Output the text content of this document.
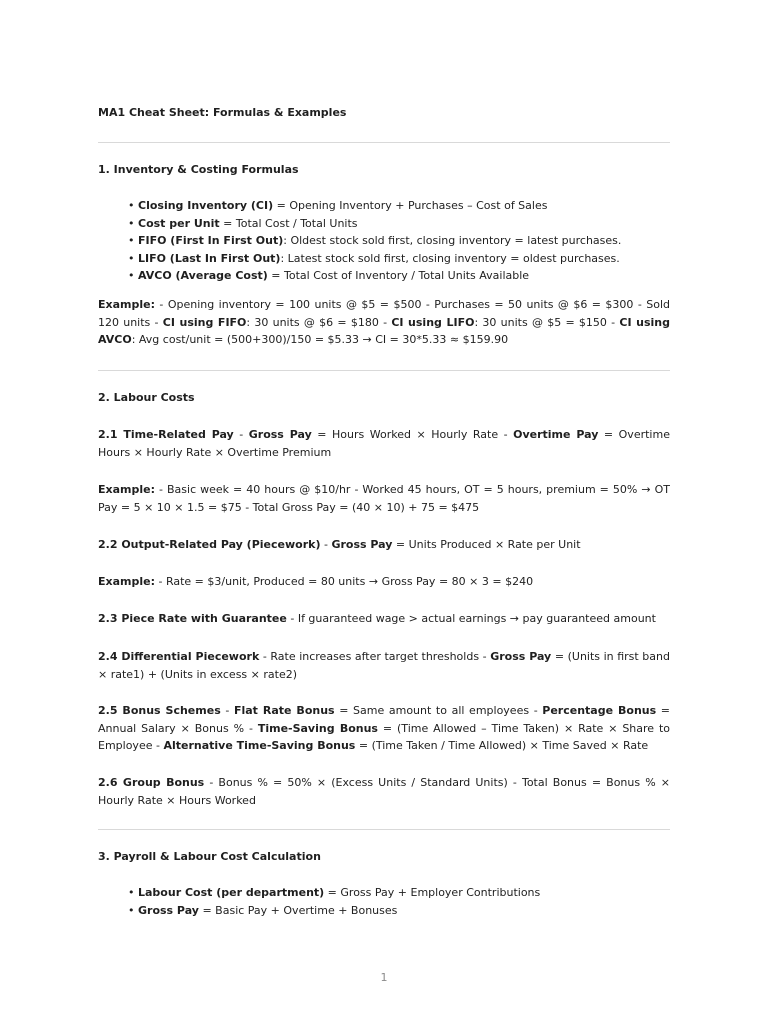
MA1 Cheat Sheet: Formulas & Examples
1. Inventory & Costing Formulas
• Closing Inventory (CI) = Opening Inventory + Purchases – Cost of Sales
• Cost per Unit = Total Cost / Total Units
• FIFO (First In First Out): Oldest stock sold first, closing inventory = latest purchases.
• LIFO (Last In First Out): Latest stock sold first, closing inventory = oldest purchases.
• AVCO (Average Cost) = Total Cost of Inventory / Total Units Available
Example: - Opening inventory = 100 units @ $5 = $500 - Purchases = 50 units @ $6 = $300 - Sold 120 units - CI using FIFO: 30 units @ $6 = $180 - CI using LIFO: 30 units @ $5 = $150 - CI using AVCO: Avg cost/unit = (500+300)/150 = $5.33 → CI = 30*5.33 ≈ $159.90
2. Labour Costs
2.1 Time-Related Pay - Gross Pay = Hours Worked × Hourly Rate - Overtime Pay = Overtime Hours × Hourly Rate × Overtime Premium
Example: - Basic week = 40 hours @ $10/hr - Worked 45 hours, OT = 5 hours, premium = 50% → OT Pay = 5 × 10 × 1.5 = $75 - Total Gross Pay = (40 × 10) + 75 = $475
2.2 Output-Related Pay (Piecework) - Gross Pay = Units Produced × Rate per Unit
Example: - Rate = $3/unit, Produced = 80 units → Gross Pay = 80 × 3 = $240
2.3 Piece Rate with Guarantee - If guaranteed wage > actual earnings → pay guaranteed amount
2.4 Differential Piecework - Rate increases after target thresholds - Gross Pay = (Units in first band × rate1) + (Units in excess × rate2)
2.5 Bonus Schemes - Flat Rate Bonus = Same amount to all employees - Percentage Bonus = Annual Salary × Bonus % - Time-Saving Bonus = (Time Allowed – Time Taken) × Rate × Share to Employee - Alternative Time-Saving Bonus = (Time Taken / Time Allowed) × Time Saved × Rate
2.6 Group Bonus - Bonus % = 50% × (Excess Units / Standard Units) - Total Bonus = Bonus % × Hourly Rate × Hours Worked
3. Payroll & Labour Cost Calculation
• Labour Cost (per department) = Gross Pay + Employer Contributions
• Gross Pay = Basic Pay + Overtime + Bonuses
1
